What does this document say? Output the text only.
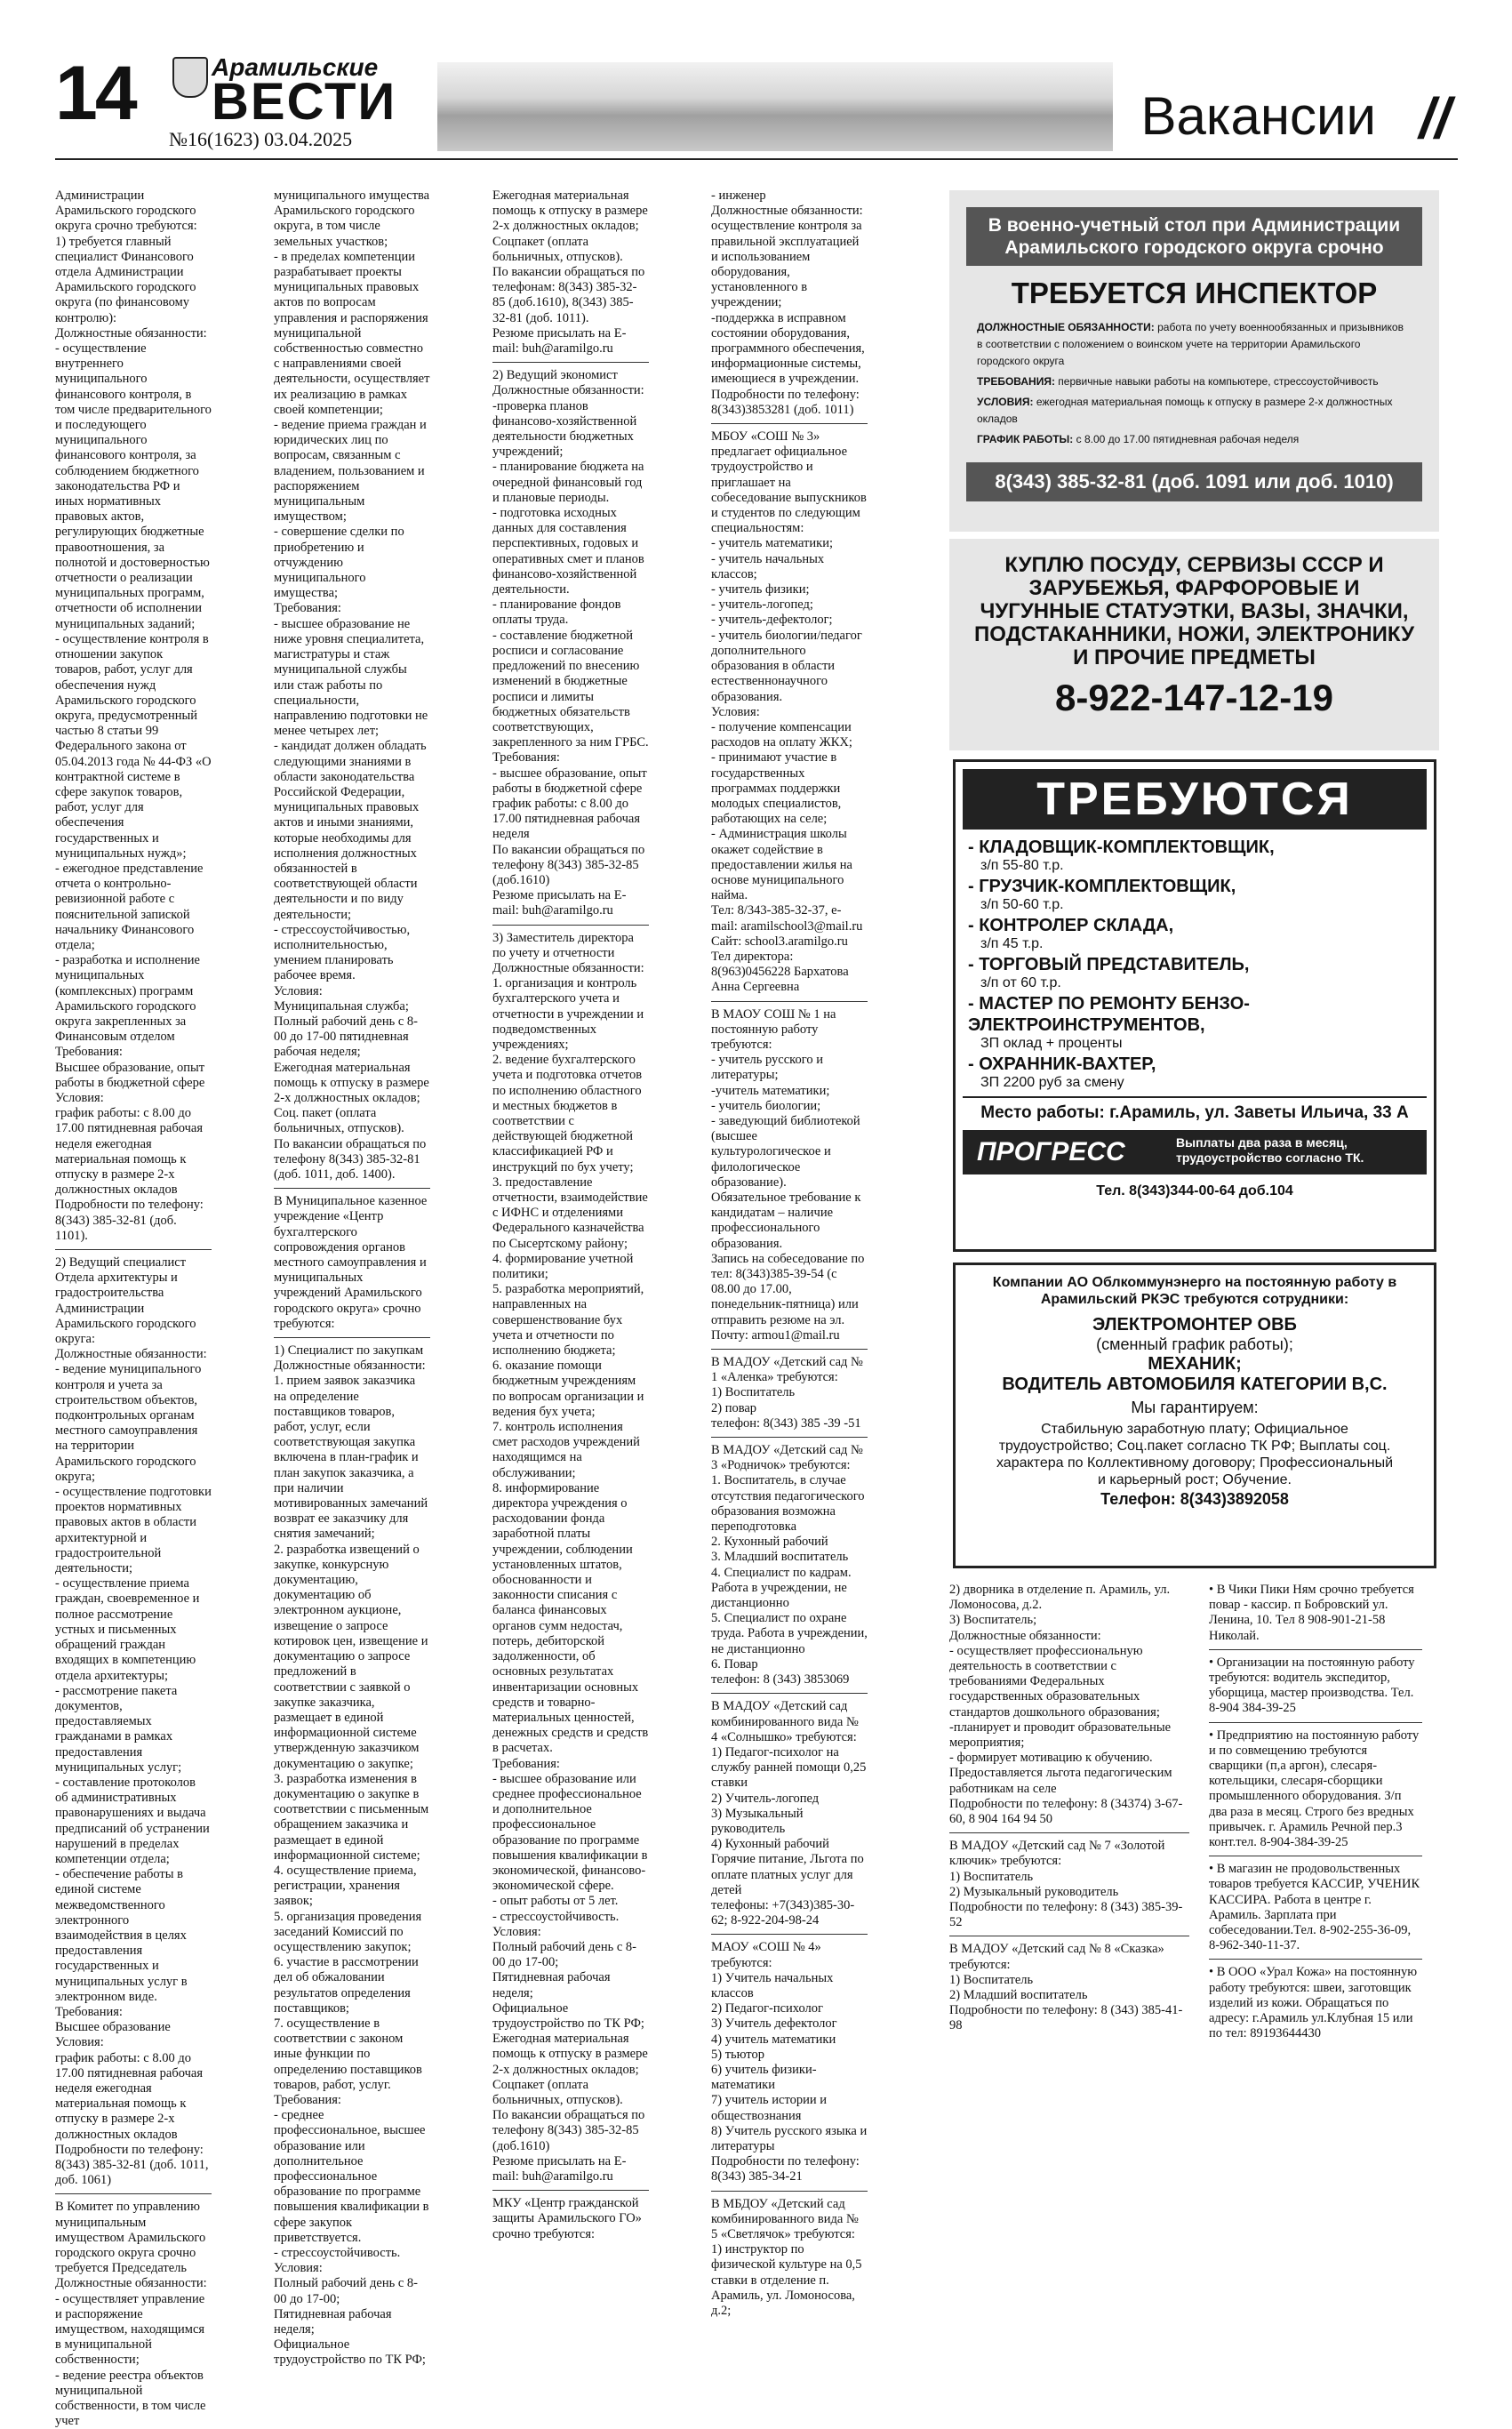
14	Арамильские
ВЕСТИ
№16(1623) 03.04.2025	Вакансии //

Администрации Арамильского городского округа срочно требуются:
1) требуется главный специалист Финансового отдела Администрации Арамильского городского округа (по финансовому контролю):
Должностные обязанности:
- осуществление внутреннего муниципального финансового контроля, в том числе предварительного и последующего муниципального финансового контроля, за соблюдением бюджетного законодательства РФ и иных нормативных правовых актов, регулирующих бюджетные правоотношения, за полнотой и достоверностью отчетности о реализации муниципальных программ, отчетности об исполнении муниципальных заданий;
- осуществление контроля в отношении закупок товаров, работ, услуг для обеспечения нужд Арамильского городского округа, предусмотренный частью 8 статьи 99 Федерального закона от 05.04.2013 года № 44-ФЗ «О контрактной системе в сфере закупок товаров, работ, услуг для обеспечения государственных и муниципальных нужд»;
- ежегодное представление отчета о контрольно-ревизионной работе с пояснительной запиской начальнику Финансового отдела;
- разработка и исполнение муниципальных (комплексных) программ Арамильского городского округа закрепленных за Финансовым отделом
Требования:
Высшее образование, опыт работы в бюджетной сфере
Условия:
график работы: с 8.00 до 17.00 пятидневная рабочая неделя ежегодная материальная помощь к отпуску в размере 2-х должностных окладов
Подробности по телефону: 8(343) 385-32-81 (доб. 1101).

2) Ведущий специалист Отдела архитектуры и градостроительства Администрации Арамильского городского округа:
Должностные обязанности:
- ведение муниципального контроля и учета за строительством объектов, подконтрольных органам местного самоуправления на территории Арамильского городского округа;
- осуществление подготовки проектов нормативных правовых актов в области архитектурной и градостроительной деятельности;
- осуществление приема граждан, своевременное и полное рассмотрение устных и письменных обращений граждан входящих в компетенцию отдела архитектуры;
- рассмотрение пакета документов, предоставляемых гражданами в рамках предоставления муниципальных услуг;
- составление протоколов об административных правонарушениях и выдача предписаний об устранении нарушений в пределах компетенции отдела;
- обеспечение работы в единой системе межведомственного электронного взаимодействия в целях предоставления государственных и муниципальных услуг в электронном виде.
Требования:
Высшее образование
Условия:
график работы: с 8.00 до 17.00 пятидневная рабочая неделя ежегодная материальная помощь к отпуску в размере 2-х должностных окладов
Подробности по телефону: 8(343) 385-32-81 (доб. 1011, доб. 1061)

В Комитет по управлению муниципальным имуществом Арамильского городского округа срочно требуется Председатель
Должностные обязанности:
- осуществляет управление и распоряжение имуществом, находящимся в муниципальной собственности;
- ведение реестра объектов муниципальной собственности, в том числе учет

муниципального имущества Арамильского городского округа, в том числе земельных участков;
- в пределах компетенции разрабатывает проекты муниципальных правовых актов по вопросам управления и распоряжения муниципальной собственностью совместно с направлениями своей деятельности, осуществляет их реализацию в рамках своей компетенции;
- ведение приема граждан и юридических лиц по вопросам, связанным с владением, пользованием и распоряжением муниципальным имуществом;
- совершение сделки по приобретению и отчуждению муниципального имущества;
Требования:
- высшее образование не ниже уровня специалитета, магистратуры и стаж муниципальной службы или стаж работы по специальности, направлению подготовки не менее четырех лет;
- кандидат должен обладать следующими знаниями в области законодательства Российской Федерации, муниципальных правовых актов и иными знаниями, которые необходимы для исполнения должностных обязанностей в соответствующей области деятельности и по виду деятельности;
- стрессоустойчивостью, исполнительностью, умением планировать рабочее время.
Условия:
Муниципальная служба;
Полный рабочий день с 8-00 до 17-00 пятидневная рабочая неделя;
Ежегодная материальная помощь к отпуску в размере 2-х должностных окладов;
Соц. пакет (оплата больничных, отпусков).
По вакансии обращаться по телефону 8(343) 385-32-81 (доб. 1011, доб. 1400).

В Муниципальное казенное учреждение «Центр бухгалтерского сопровождения органов местного самоуправления и муниципальных учреждений Арамильского городского округа» срочно требуются:

1) Специалист по закупкам
Должностные обязанности:
1. прием заявок заказчика на определение поставщиков товаров, работ, услуг, если соответствующая закупка включена в план-график и план закупок заказчика, а при наличии мотивированных замечаний возврат ее заказчику для снятия замечаний;
2. разработка извещений о закупке, конкурсную документацию, документацию об электронном аукционе, извещение о запросе котировок цен, извещение и документацию о запросе предложений в соответствии с заявкой о закупке заказчика, размещает в единой информационной системе утвержденную заказчиком документацию о закупке;
3. разработка изменения в документацию о закупке в соответствии с письменным обращением заказчика и размещает в единой информационной системе;
4. осуществление приема, регистрации, хранения заявок;
5. организация проведения заседаний Комиссий по осуществлению закупок;
6. участие в рассмотрении дел об обжаловании результатов определения поставщиков;
7. осуществление в соответствии с законом иные функции по определению поставщиков товаров, работ, услуг.
Требования:
- среднее профессиональное, высшее образование или дополнительное профессиональное образование по программе повышения квалификации в сфере закупок приветствуется.
- стрессоустойчивость.
Условия:
Полный рабочий день с 8-00 до 17-00;
Пятидневная рабочая неделя;
Официальное трудоустройство по ТК РФ;

Ежегодная материальная помощь к отпуску в размере 2-х должностных окладов;
Соцпакет (оплата больничных, отпусков).
По вакансии обращаться по телефонам: 8(343) 385-32-85 (доб.1610), 8(343) 385-32-81 (доб. 1011).
Резюме присылать на E-mail: buh@aramilgo.ru

2) Ведущий экономист
Должностные обязанности:
-проверка планов финансово-хозяйственной деятельности бюджетных учреждений;
- планирование бюджета на очередной финансовый год и плановые периоды.
- подготовка исходных данных для составления перспективных, годовых и оперативных смет и планов финансово-хозяйственной деятельности.
- планирование фондов оплаты труда.
- составление бюджетной росписи и согласование предложений по внесению изменений в бюджетные росписи и лимиты бюджетных обязательств соответствующих, закрепленного за ним ГРБС.
Требования:
- высшее образование, опыт работы в бюджетной сфере
график работы: с 8.00 до 17.00 пятидневная рабочая неделя
По вакансии обращаться по телефону 8(343) 385-32-85 (доб.1610)
Резюме присылать на E-mail: buh@aramilgo.ru

3) Заместитель директора по учету и отчетности
Должностные обязанности:
1. организация и контроль бухгалтерского учета и отчетности в учреждении и подведомственных учреждениях;
2. ведение бухгалтерского учета и подготовка отчетов по исполнению областного и местных бюджетов в соответствии с действующей бюджетной классификацией РФ и инструкций по бух учету;
3. предоставление отчетности, взаимодействие с ИФНС и отделениями Федерального казначейства по Сысертскому району;
4. формирование учетной политики;
5. разработка мероприятий, направленных на совершенствование бух учета и отчетности по исполнению бюджета;
6. оказание помощи бюджетным учреждениям по вопросам организации и ведения бух учета;
7. контроль исполнения смет расходов учреждений находящимся на обслуживании;
8. информирование директора учреждения о расходовании фонда заработной платы учреждении, соблюдении установленных штатов, обоснованности и законности списания с баланса финансовых органов сумм недостач, потерь, дебиторской задолженности, об основных результатах инвентаризации основных средств и товарно-материальных ценностей, денежных средств и средств в расчетах.
Требования:
- высшее образование или среднее профессиональное и дополнительное профессиональное образование по программе повышения квалификации в экономической, финансово-экономической сфере.
- опыт работы от 5 лет.
- стрессоустойчивость.
Условия:
Полный рабочий день с 8-00 до 17-00;
Пятидневная рабочая неделя;
Официальное трудоустройство по ТК РФ;
Ежегодная материальная помощь к отпуску в размере 2-х должностных окладов;
Соцпакет (оплата больничных, отпусков).
По вакансии обращаться по телефону 8(343) 385-32-85 (доб.1610)
Резюме присылать на E-mail: buh@aramilgo.ru

МКУ «Центр гражданской защиты Арамильского ГО» срочно требуются:

- инженер
Должностные обязанности:
осуществление контроля за правильной эксплуатацией и использованием оборудования, установленного в учреждении;
-поддержка в исправном состоянии оборудования, программного обеспечения, информационные системы, имеющиеся в учреждении.
Подробности по телефону: 8(343)3853281 (доб. 1011)

МБОУ «СОШ № 3» предлагает официальное трудоустройство и приглашает на собеседование выпускников и студентов по следующим специальностям:
- учитель математики;
- учитель начальных классов;
- учитель физики;
- учитель-логопед;
- учитель-дефектолог;
- учитель биологии/педагог дополнительного образования в области естественнонаучного образования.
Условия:
- получение компенсации расходов на оплату ЖКХ;
- принимают участие в государственных программах поддержки молодых специалистов, работающих на селе;
- Администрация школы окажет содействие в предоставлении жилья на основе муниципального найма.
Тел: 8/343-385-32-37, e-mail: aramilschool3@mail.ru
Сайт: school3.aramilgo.ru
Тел директора: 8(963)0456228 Бархатова Анна Сергеевна

В МАОУ СОШ № 1 на постоянную работу требуются:
- учитель русского и литературы;
-учитель математики;
- учитель биологии;
- заведующий библиотекой (высшее культурологическое и филологическое образование).
Обязательное требование к кандидатам – наличие профессионального образования.
Запись на собеседование по тел: 8(343)385-39-54 (с 08.00 до 17.00, понедельник-пятница) или отправить резюме на эл. Почту: armou1@mail.ru

В МАДОУ «Детский сад № 1 «Аленка» требуются:
1) Воспитатель
2) повар
телефон: 8(343) 385 -39 -51

В МАДОУ «Детский сад № 3 «Родничок» требуются:
1. Воспитатель, в случае отсутствия педагогического образования возможна переподготовка
2. Кухонный рабочий
3. Младший воспитатель
4. Специалист по кадрам. Работа в учреждении, не дистанционно
5. Специалист по охране труда. Работа в учреждении, не дистанционно
6. Повар
телефон: 8 (343) 3853069

В МАДОУ «Детский сад комбинированного вида № 4 «Солнышко» требуются:
1) Педагог-психолог на службу ранней помощи 0,25 ставки
2) Учитель-логопед
3) Музыкальный руководитель
4) Кухонный рабочий
Горячие питание, Льгота по оплате платных услуг для детей
телефоны: +7(343)385-30-62; 8-922-204-98-24

МАОУ «СОШ № 4» требуются:
1) Учитель начальных классов
2) Педагог-психолог
3) Учитель дефектолог
4) учитель математики
5) тьютор
6) учитель физики-математики
7) учитель истории и обществознания
8) Учитель русского языка и литературы
Подробности по телефону: 8(343) 385-34-21

В МБДОУ «Детский сад комбинированного вида № 5 «Светлячок» требуются:
1) инструктор по физической культуре на 0,5 ставки в отделение п. Арамиль, ул. Ломоносова, д.2;

2) дворника в отделение п. Арамиль, ул. Ломоносова, д.2.
3) Воспитатель;
Должностные обязанности:
- осуществляет профессиональную деятельность в соответствии с требованиями Федеральных государственных образовательных стандартов дошкольного образования;
-планирует и проводит образовательные мероприятия;
- формирует мотивацию к обучению.
Предоставляется льгота педагогическим работникам на селе
Подробности по телефону: 8 (34374) 3-67-60, 8 904 164 94 50

В МАДОУ «Детский сад № 7 «Золотой ключик» требуются:
1) Воспитатель
2) Музыкальный руководитель
Подробности по телефону: 8 (343) 385-39-52

В МАДОУ «Детский сад № 8 «Сказка» требуются:
1) Воспитатель
2) Младший воспитатель
Подробности по телефону: 8 (343) 385-41-98

• В Чики Пики Ням срочно требуется повар - кассир. п Бобровский ул. Ленина, 10. Тел 8 908-901-21-58 Николай.

• Организации на постоянную работу требуются: водитель экспедитор, уборщица, мастер производства. Тел. 8-904 384-39-25

• Предприятию на постоянную работу и по совмещению требуются сварщики (п,а аргон), слесаря-котельщики, слесаря-сборщики промышленного оборудования. З/п два раза в месяц. Строго без вредных привычек. г. Арамиль Речной пер.3 конт.тел. 8-904-384-39-25

• В магазин не продовольственных товаров требуется КАССИР, УЧЕНИК КАССИРА. Работа в центре г. Арамиль. Зарплата при собеседовании.Тел. 8-902-255-36-09, 8-962-340-11-37.

• В ООО «Урал Кожа» на постоянную работу требуются: швеи, заготовщик изделий из кожи. Обращаться по адресу: г.Арамиль ул.Клубная 15 или по тел: 89193644430

В военно-учетный стол при Администрации Арамильского городского округа срочно
ТРЕБУЕТСЯ ИНСПЕКТОР
ДОЛЖНОСТНЫЕ ОБЯЗАННОСТИ: работа по учету военнообязанных и призывников в соответствии с положением о воинском учете на территории Арамильского городского округа
ТРЕБОВАНИЯ: первичные навыки работы на компьютере, стрессоустойчивость
УСЛОВИЯ: ежегодная материальная помощь к отпуску в размере 2-х должностных окладов
ГРАФИК РАБОТЫ: с 8.00 до 17.00 пятидневная рабочая неделя
8(343) 385-32-81 (доб. 1091 или доб. 1010)
КУПЛЮ ПОСУДУ, СЕРВИЗЫ СССР И ЗАРУБЕЖЬЯ, ФАРФОРОВЫЕ И ЧУГУННЫЕ СТАТУЭТКИ, ВАЗЫ, ЗНАЧКИ, ПОДСТАКАННИКИ, НОЖИ, ЭЛЕКТРОНИКУ И ПРОЧИЕ ПРЕДМЕТЫ
8-922-147-12-19
ТРЕБУЮТСЯ
- КЛАДОВЩИК-КОМПЛЕКТОВЩИК,
з/п 55-80 т.р.
- ГРУЗЧИК-КОМПЛЕКТОВЩИК,
з/п 50-60 т.р.
- КОНТРОЛЕР СКЛАДА,
з/п 45 т.р.
- ТОРГОВЫЙ ПРЕДСТАВИТЕЛЬ,
з/п от 60 т.р.
- МАСТЕР ПО РЕМОНТУ БЕНЗО-ЭЛЕКТРОИНСТРУМЕНТОВ,
ЗП оклад + проценты
- ОХРАННИК-ВАХТЕР,
ЗП 2200 руб за смену
Место работы: г.Арамиль, ул. Заветы Ильича, 33 А
ПРОГРЕСС	Выплаты два раза в месяц, трудоустройство согласно ТК.
Тел. 8(343)344-00-64 доб.104
Компании АО Облкоммунэнерго на постоянную работу в Арамильский РКЭС требуются сотрудники:
ЭЛЕКТРОМОНТЕР ОВБ
(сменный график работы);
МЕХАНИК;
ВОДИТЕЛЬ АВТОМОБИЛЯ КАТЕГОРИИ В,С.
Мы гарантируем:
Стабильную заработную плату; Официальное трудоустройство; Соц.пакет согласно ТК РФ; Выплаты соц. характера по Коллективному договору; Профессиональный и карьерный рост; Обучение.
Телефон: 8(343)3892058
